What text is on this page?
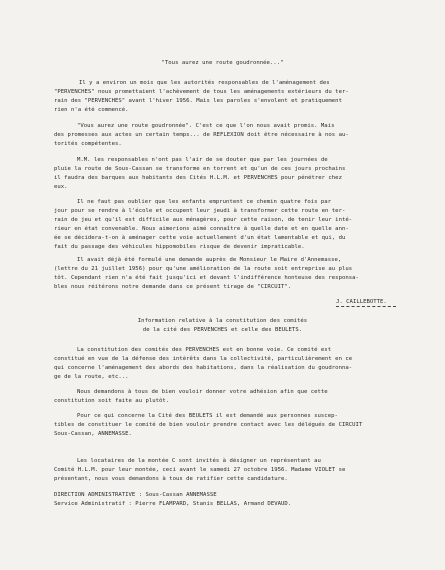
"Tous aurez une route goudronnée..."
Il y a environ un mois que les autorités responsables de l'aménagement des
"PERVENCHES" nous promettaient l'achèvement de tous les aménagements extérieurs du ter-
rain des "PERVENCHES" avant l'hiver 1956. Mais les paroles s'envolent et pratiquement
rien n'a été commencé.
"Vous aurez une route goudronnée". C'est ce que l'on nous avait promis. Mais
des promesses aux actes un certain temps... de REFLEXION doit être nécessaire à nos au-
torités compétentes.
M.M. les responsables n'ont pas l'air de se douter que par les journées de
pluie la route de Sous-Cassan se transforme en torrent et qu'un de ces jours prochains
il faudra des barques aux habitants des Cités H.L.M. et PERVENCHES pour pénétrer chez
eux.
Il ne faut pas oublier que les enfants empruntent ce chemin quatre fois par
jour pour se rendre à l'école et occupent leur jeudi à transformer cette route en ter-
rain de jeu et qu'il est difficile aux ménagères, pour cette raison, de tenir leur inté-
rieur en état convenable. Nous aimerions aimé connaître à quelle date et en quelle ann-
ée se décidera-t-on à aménager cette voie actuellement d'un état lamentable et qui, du
fait du passage des véhicules hippomobiles risque de devenir impraticable.
Il avait déjà été formulé une demande auprès de Monsieur le Maire d'Annemasse,
(lettre du 21 juillet 1956) pour qu'une amélioration de la route soit entreprise au plus
tôt. Cependant rien n'a été fait jusqu'ici et devant l'indifférence honteuse des responsa-
bles nous réitérons notre demande dans ce présent tirage de "CIRCUIT".
J. CAILLEBOTTE.
Information relative à la constitution des comités
de la cité des PERVENCHES et celle des BEULETS.
La constitution des comités des PERVENCHES est en bonne voie. Ce comité est
constitué en vue de la défense des intérêts dans la collectivité, particulièrement en ce
qui concerne l'aménagement des abords des habitations, dans la réalisation du goudronna-
ge de la route, etc...
Nous demandons à tous de bien vouloir donner votre adhésion afin que cette
constitution soit faite au plutôt.
Pour ce qui concerne la Cité des BEULETS il est demandé aux personnes suscep-
tibles de constituer le comité de bien vouloir prendre contact avec les délégués de CIRCUIT
Sous-Cassan, ANNEMASSE.
Les locataires de la montée C sont invités à désigner un représentant au
Comité H.L.M. pour leur montée, ceci avant le samedi 27 octobre 1956. Madame VIOLET se
présentant, nous vous demandons à tous de ratifier cette candidature.
DIRECTION ADMINISTRATIVE : Sous-Cassan ANNEMASSE
Service Administratif : Pierre FLAMPARD, Stanis BELLAS, Armand DEVAUD.
